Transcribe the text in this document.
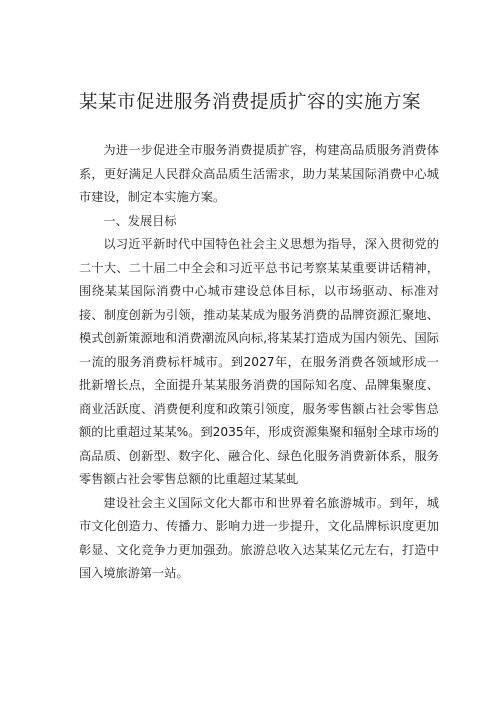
某某市促进服务消费提质扩容的实施方案

为进一步促进全市服务消费提质扩容，构建高品质服务消费体系，更好满足人民群众高品质生活需求，助力某某国际消费中心城市建设，制定本实施方案。

一、发展目标

以习近平新时代中国特色社会主义思想为指导，深入贯彻党的二十大、二十届二中全会和习近平总书记考察某某重要讲话精神，围绕某某国际消费中心城市建设总体目标，以市场驱动、标准对接、制度创新为引领，推动某某成为服务消费的品牌资源汇聚地、模式创新策源地和消费潮流风向标,将某某打造成为国内领先、国际一流的服务消费标杆城市。到2027年，在服务消费各领域形成一批新增长点，全面提升某某服务消费的国际知名度、品牌集聚度、商业活跃度、消费便利度和政策引领度，服务零售额占社会零售总额的比重超过某某%。到2035年，形成资源集聚和辐射全球市场的高品质、创新型、数字化、融合化、绿色化服务消费新体系，服务零售额占社会零售总额的比重超过某某虬

建设社会主义国际文化大都市和世界着名旅游城市。到年，城市文化创造力、传播力、影响力进一步提升，文化品牌标识度更加彰显、文化竞争力更加强劲。旅游总收入达某某亿元左右，打造中国入境旅游第一站。
